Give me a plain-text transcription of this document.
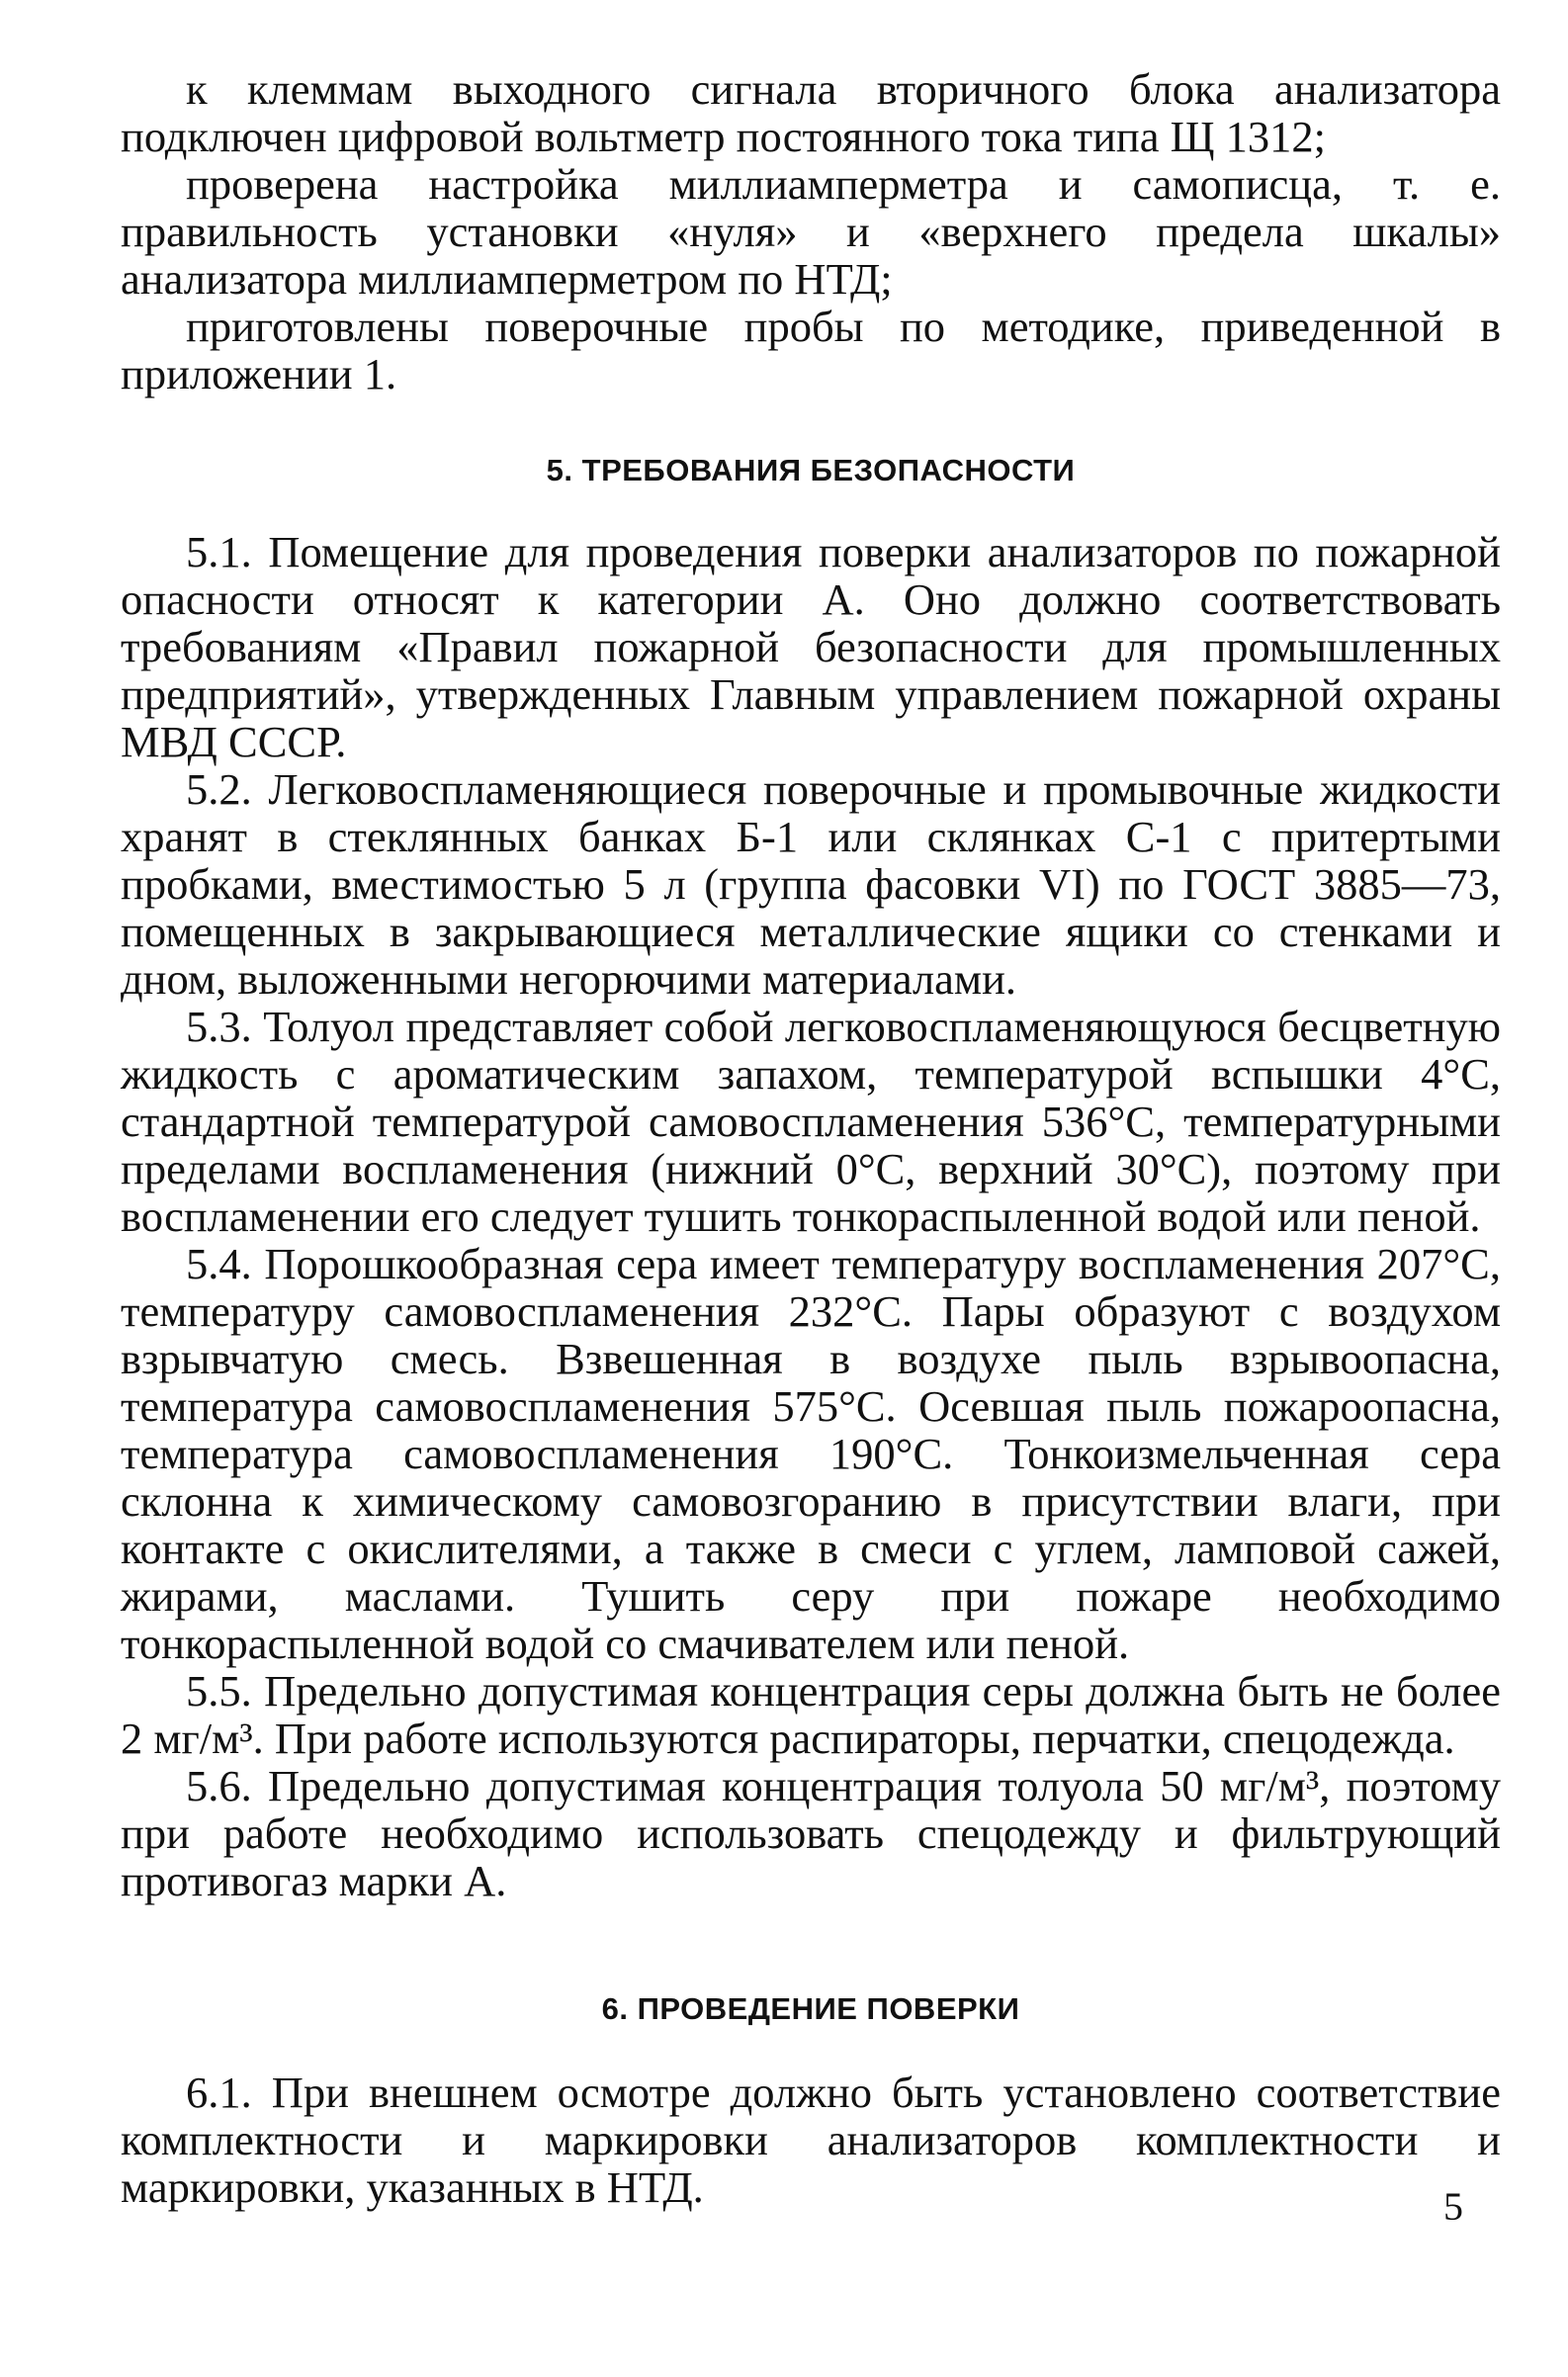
к клеммам выходного сигнала вторичного блока анализатора подключен цифровой вольтметр постоянного тока типа Щ 1312;

проверена настройка миллиамперметра и самописца, т. е. правильность установки «нуля» и «верхнего предела шкалы» анализатора миллиамперметром по НТД;

приготовлены поверочные пробы по методике, приведенной в приложении 1.

5. ТРЕБОВАНИЯ БЕЗОПАСНОСТИ

5.1. Помещение для проведения поверки анализаторов по пожарной опасности относят к категории А. Оно должно соответствовать требованиям «Правил пожарной безопасности для промышленных предприятий», утвержденных Главным управлением пожарной охраны МВД СССР.

5.2. Легковоспламеняющиеся поверочные и промывочные жидкости хранят в стеклянных банках Б-1 или склянках С-1 с притертыми пробками, вместимостью 5 л (группа фасовки VI) по ГОСТ 3885—73, помещенных в закрывающиеся металлические ящики со стенками и дном, выложенными негорючими материалами.

5.3. Толуол представляет собой легковоспламеняющуюся бесцветную жидкость с ароматическим запахом, температурой вспышки 4°С, стандартной температурой самовоспламенения 536°С, температурными пределами воспламенения (нижний 0°С, верхний 30°С), поэтому при воспламенении его следует тушить тонкораспыленной водой или пеной.

5.4. Порошкообразная сера имеет температуру воспламенения 207°С, температуру самовоспламенения 232°С. Пары образуют с воздухом взрывчатую смесь. Взвешенная в воздухе пыль взрывоопасна, температура самовоспламенения 575°С. Осевшая пыль пожароопасна, температура самовоспламенения 190°С. Тонкоизмельченная сера склонна к химическому самовозгоранию в присутствии влаги, при контакте с окислителями, а также в смеси с углем, ламповой сажей, жирами, маслами. Тушить серу при пожаре необходимо тонкораспыленной водой со смачивателем или пеной.

5.5. Предельно допустимая концентрация серы должна быть не более 2 мг/м³. При работе используются распираторы, перчатки, спецодежда.

5.6. Предельно допустимая концентрация толуола 50 мг/м³, поэтому при работе необходимо использовать спецодежду и фильтрующий противогаз марки А.

6. ПРОВЕДЕНИЕ ПОВЕРКИ

6.1. При внешнем осмотре должно быть установлено соответствие комплектности и маркировки анализаторов комплектности и маркировки, указанных в НТД.	5
